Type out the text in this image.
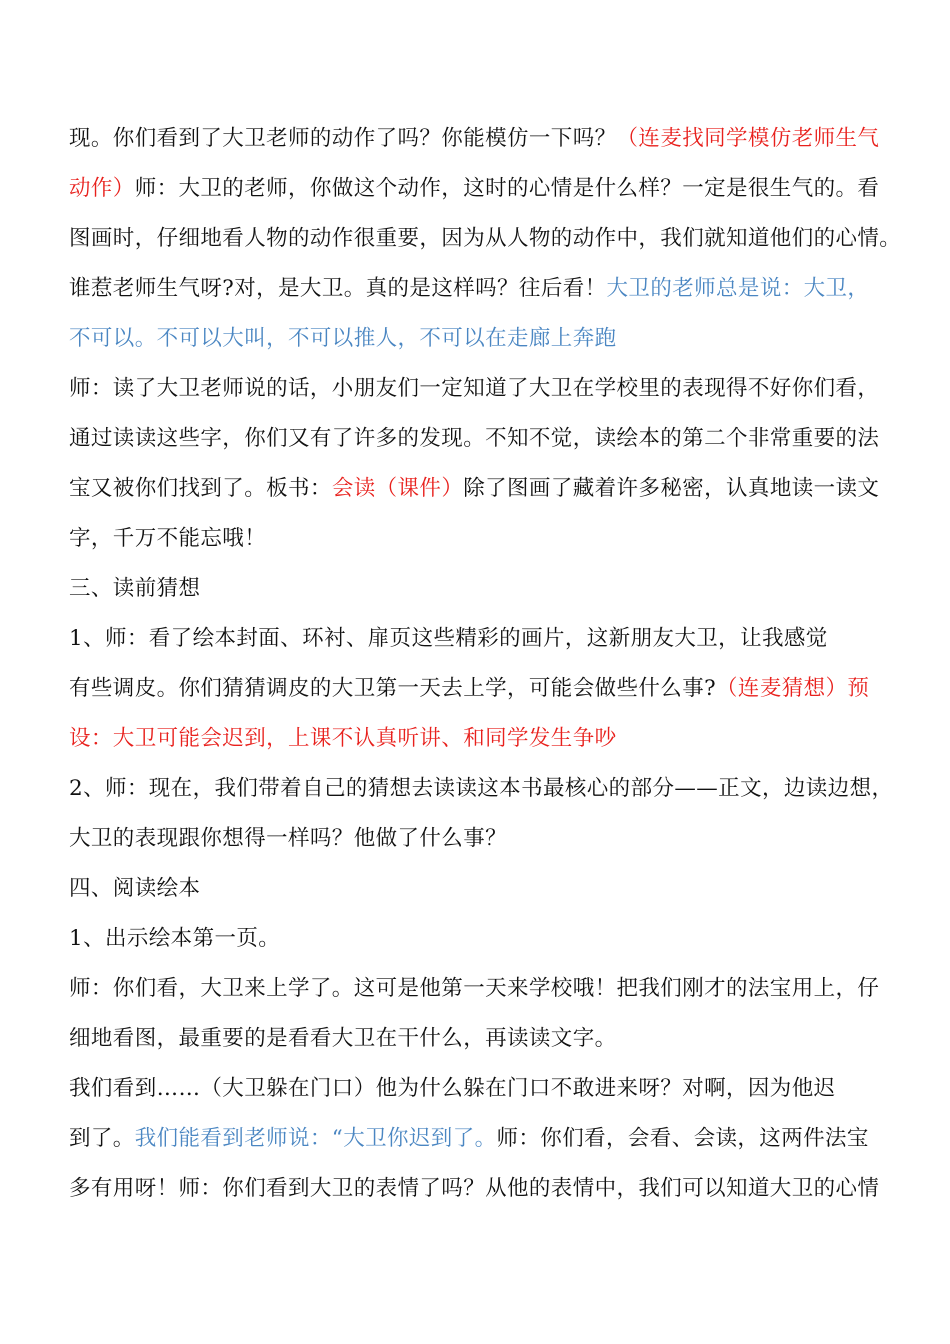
现。你们看到了大卫老师的动作了吗？你能模仿一下吗？（连麦找同学模仿老师生气
动作）师：大卫的老师，你做这个动作，这时的心情是什么样？一定是很生气的。看
图画时，仔细地看人物的动作很重要，因为从人物的动作中，我们就知道他们的心情。
谁惹老师生气呀?对，是大卫。真的是这样吗？往后看！大卫的老师总是说：大卫，
不可以。不可以大叫，不可以推人，不可以在走廊上奔跑
师：读了大卫老师说的话，小朋友们一定知道了大卫在学校里的表现得不好你们看，
通过读读这些字，你们又有了许多的发现。不知不觉，读绘本的第二个非常重要的法
宝又被你们找到了。板书：会读（课件）除了图画了藏着许多秘密，认真地读一读文
字，千万不能忘哦！
三、读前猜想
1、师：看了绘本封面、环衬、扉页这些精彩的画片，这新朋友大卫，让我感觉
有些调皮。你们猜猜调皮的大卫第一天去上学，可能会做些什么事?（连麦猜想）预
设：大卫可能会迟到，上课不认真听讲、和同学发生争吵
2、师：现在，我们带着自己的猜想去读读这本书最核心的部分——正文，边读边想，
大卫的表现跟你想得一样吗？他做了什么事？
四、阅读绘本
1、出示绘本第一页。
师：你们看，大卫来上学了。这可是他第一天来学校哦！把我们刚才的法宝用上，仔
细地看图，最重要的是看看大卫在干什么，再读读文字。
我们看到……（大卫躲在门口）他为什么躲在门口不敢进来呀？对啊，因为他迟
到了。我们能看到老师说：“大卫你迟到了。师：你们看，会看、会读，这两件法宝
多有用呀！师：你们看到大卫的表情了吗？从他的表情中，我们可以知道大卫的心情
